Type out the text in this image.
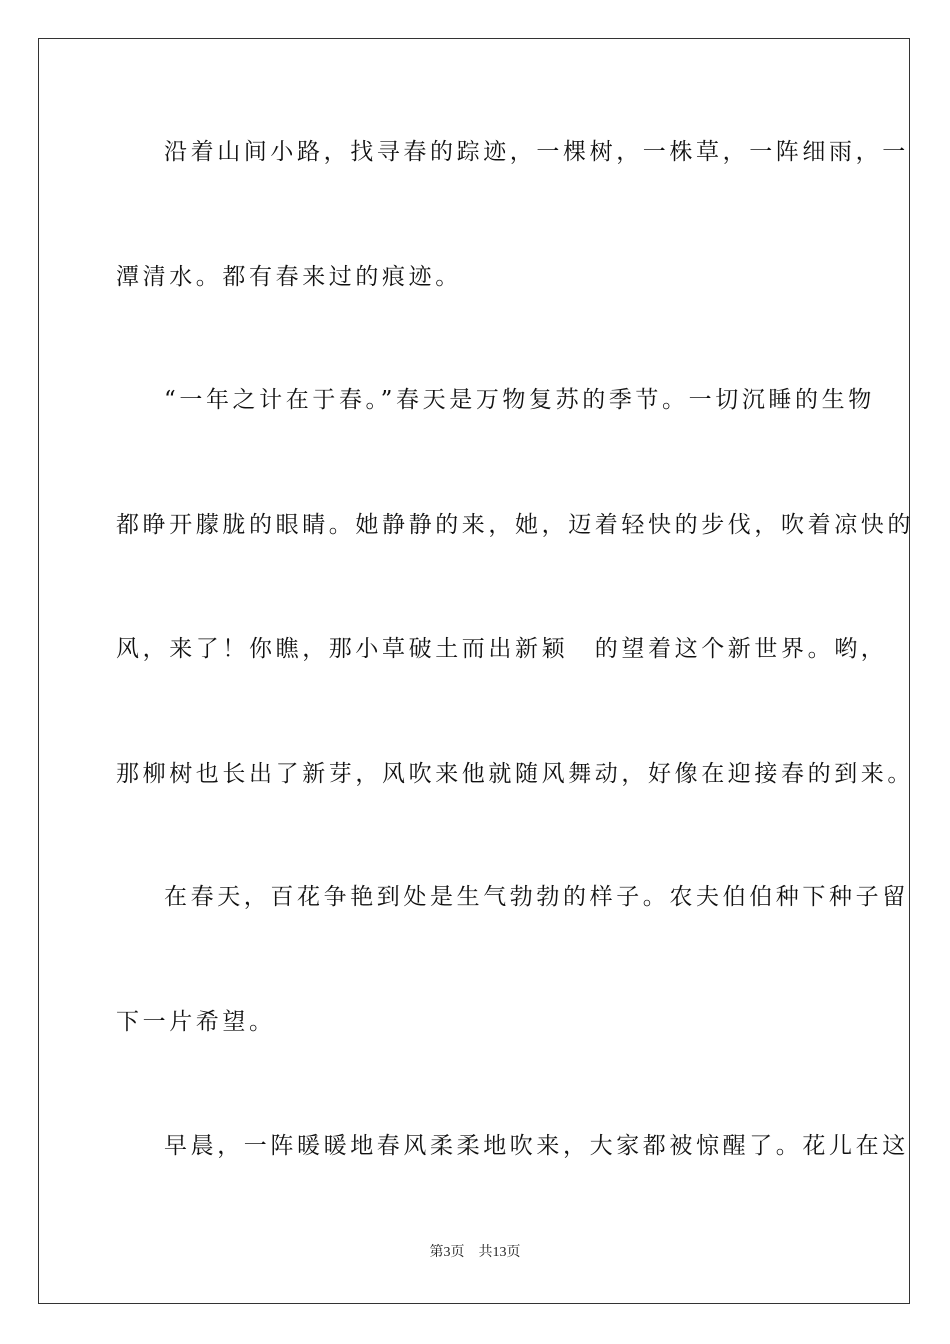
沿着山间小路，找寻春的踪迹，一棵树，一株草，一阵细雨，一
潭清水。都有春来过的痕迹。
“一年之计在于春。”春天是万物复苏的季节。一切沉睡的生物
都睁开朦胧的眼睛。她静静的来，她，迈着轻快的步伐，吹着凉快的
风，来了！你瞧，那小草破土而出新颖　的望着这个新世界。哟，
那柳树也长出了新芽，风吹来他就随风舞动，好像在迎接春的到来。
在春天，百花争艳到处是生气勃勃的样子。农夫伯伯种下种子留
下一片希望。
早晨，一阵暖暖地春风柔柔地吹来，大家都被惊醒了。花儿在这
第3页 共13页
